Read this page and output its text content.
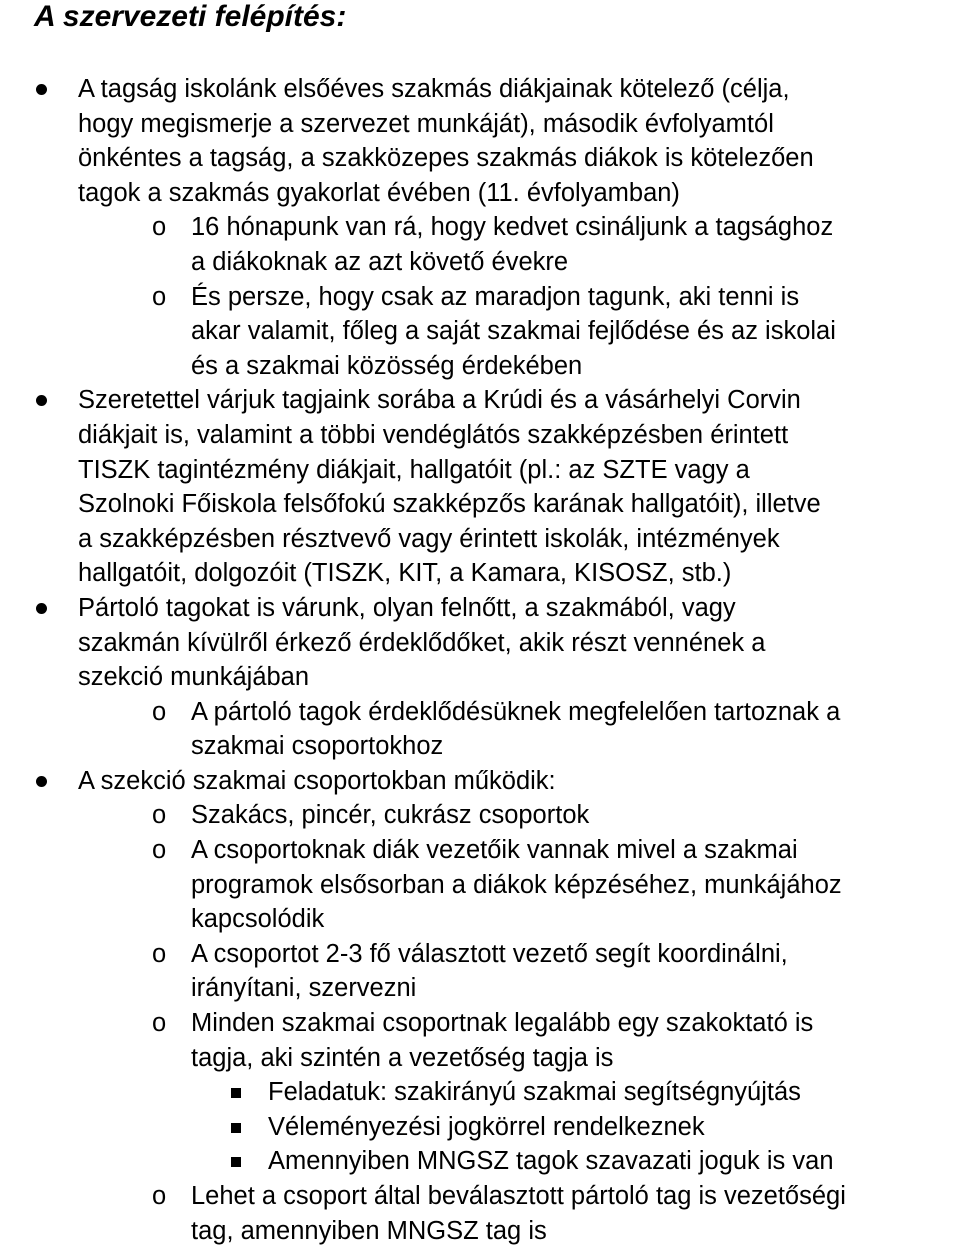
A szervezeti felépítés:
A tagság iskolánk elsőéves szakmás diákjainak kötelező (célja,
hogy megismerje a szervezet munkáját), második évfolyamtól
önkéntes a tagság, a szakközepes szakmás diákok is kötelezően
tagok a szakmás gyakorlat évében (11. évfolyamban)
o 16 hónapunk van rá, hogy kedvet csináljunk a tagsághoz
a diákoknak az azt követő évekre
o És persze, hogy csak az maradjon tagunk, aki tenni is
akar valamit, főleg a saját szakmai fejlődése és az iskolai
és a szakmai közösség érdekében
Szeretettel várjuk tagjaink sorába a Krúdi és a vásárhelyi Corvin
diákjait is, valamint a többi vendéglátós szakképzésben érintett
TISZK tagintézmény diákjait, hallgatóit (pl.: az SZTE vagy a
Szolnoki Főiskola felsőfokú szakképzős karának hallgatóit), illetve
a szakképzésben résztvevő vagy érintett iskolák, intézmények
hallgatóit, dolgozóit (TISZK, KIT, a Kamara, KISOSZ, stb.)
Pártoló tagokat is várunk, olyan felnőtt, a szakmából, vagy
szakmán kívülről érkező érdeklődőket, akik részt vennének a
szekció munkájában
o A pártoló tagok érdeklődésüknek megfelelően tartoznak a
szakmai csoportokhoz
A szekció szakmai csoportokban működik:
o Szakács, pincér, cukrász csoportok
o A csoportoknak diák vezetőik vannak mivel a szakmai
programok elsősorban a diákok képzéséhez, munkájához
kapcsolódik
o A csoportot 2-3 fő választott vezető segít koordinálni,
irányítani, szervezni
o Minden szakmai csoportnak legalább egy szakoktató is
tagja, aki szintén a vezetőség tagja is
Feladatuk: szakirányú szakmai segítségnyújtás
Véleményezési jogkörrel rendelkeznek
Amennyiben MNGSZ tagok szavazati joguk is van
o Lehet a csoport által beválasztott pártoló tag is vezetőségi
tag, amennyiben MNGSZ tag is
